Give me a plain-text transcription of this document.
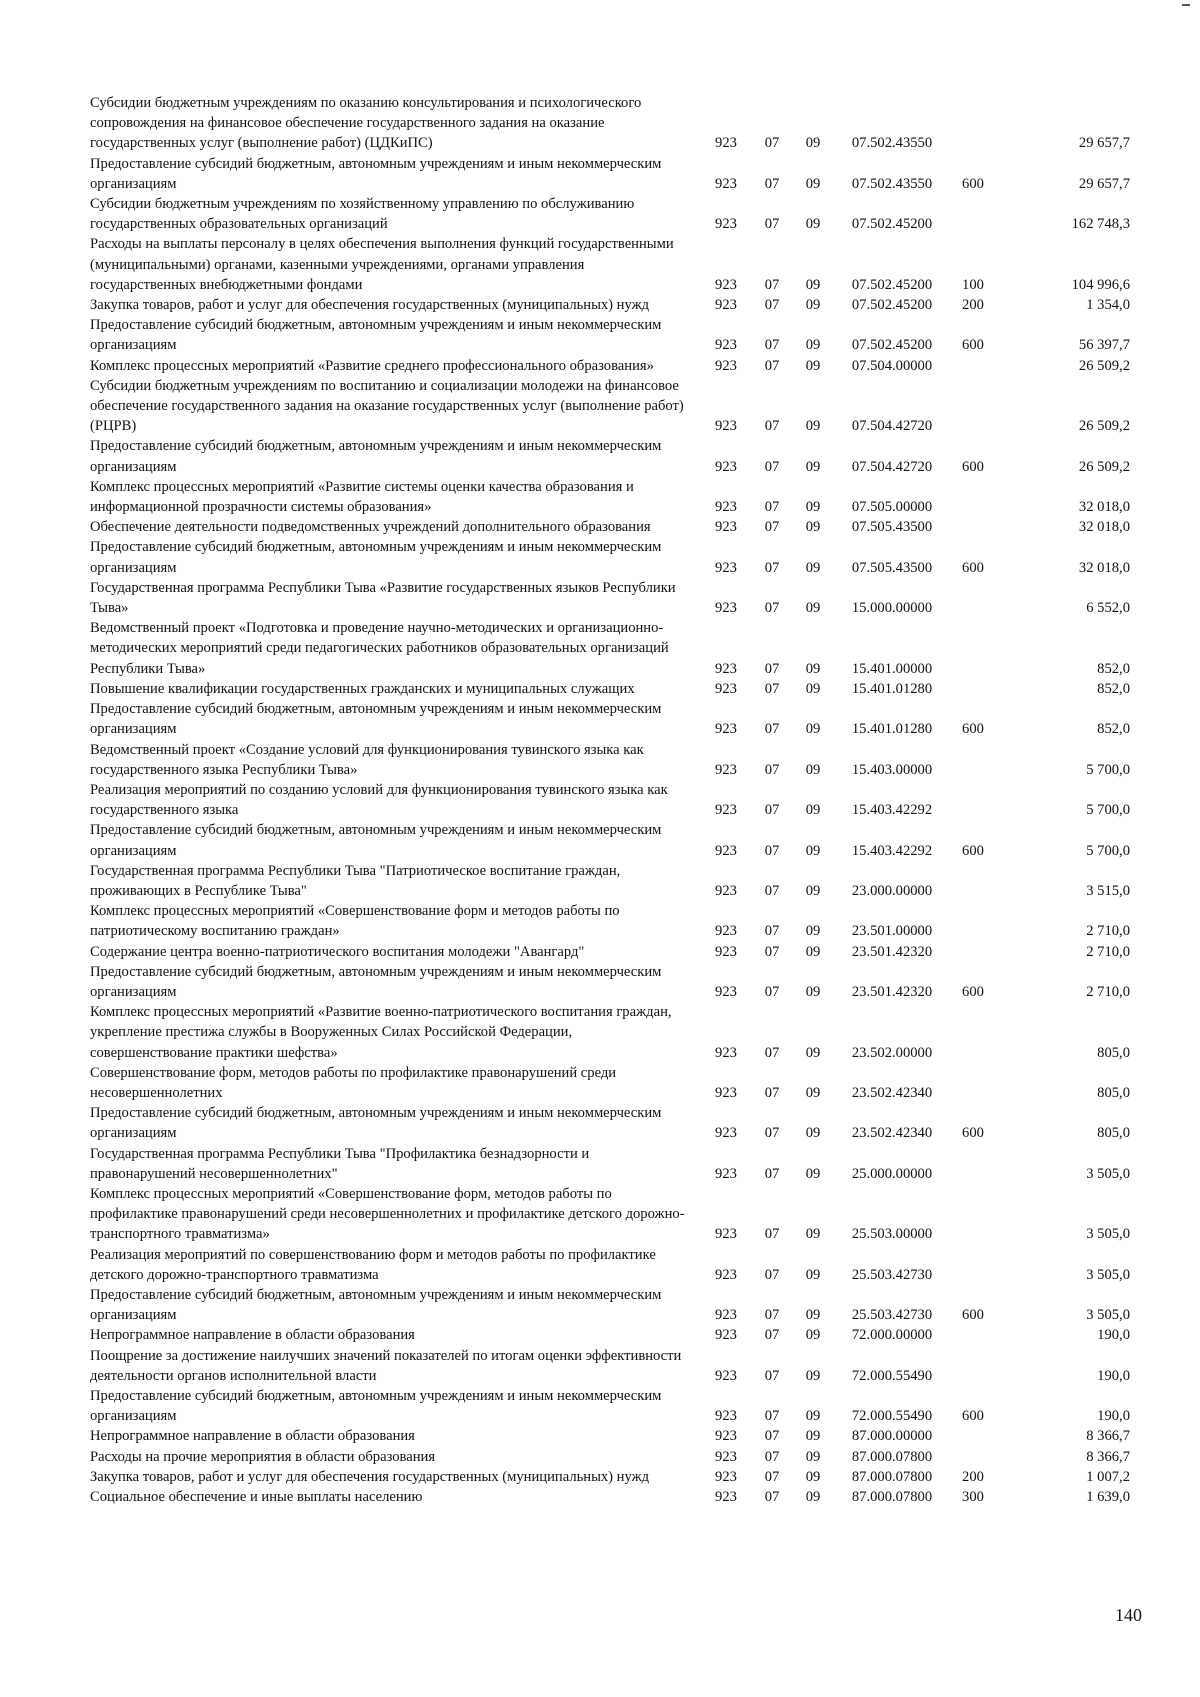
Субсидии бюджетным учреждениям по оказанию консультирования и психологического сопровождения на финансовое обеспечение государственного задания на оказание государственных услуг (выполнение работ) (ЦДКиПС)	923	07	09	07.502.43550		29 657,7
Предоставление субсидий бюджетным, автономным учреждениям и иным некоммерческим организациям	923	07	09	07.502.43550	600	29 657,7
Субсидии бюджетным учреждениям по хозяйственному управлению по обслуживанию государственных образовательных организаций	923	07	09	07.502.45200		162 748,3
Расходы на выплаты персоналу в целях обеспечения выполнения функций государственными (муниципальными) органами, казенными учреждениями, органами управления государственных внебюджетными фондами	923	07	09	07.502.45200	100	104 996,6
Закупка товаров, работ и услуг для обеспечения государственных (муниципальных) нужд	923	07	09	07.502.45200	200	1 354,0
Предоставление субсидий бюджетным, автономным учреждениям и иным некоммерческим организациям	923	07	09	07.502.45200	600	56 397,7
Комплекс процессных мероприятий «Развитие среднего профессионального образования»	923	07	09	07.504.00000		26 509,2
Субсидии бюджетным учреждениям по воспитанию и социализации молодежи на финансовое обеспечение государственного задания на оказание государственных услуг (выполнение работ) (РЦРВ)	923	07	09	07.504.42720		26 509,2
Предоставление субсидий бюджетным, автономным учреждениям и иным некоммерческим организациям	923	07	09	07.504.42720	600	26 509,2
Комплекс процессных мероприятий «Развитие системы оценки качества образования и информационной прозрачности системы образования»	923	07	09	07.505.00000		32 018,0
Обеспечение деятельности подведомственных учреждений дополнительного образования	923	07	09	07.505.43500		32 018,0
Предоставление субсидий бюджетным, автономным учреждениям и иным некоммерческим организациям	923	07	09	07.505.43500	600	32 018,0
Государственная программа Республики Тыва «Развитие государственных языков Республики Тыва»	923	07	09	15.000.00000		6 552,0
Ведомственный проект «Подготовка и проведение научно-методических и организационно-методических мероприятий среди педагогических работников образовательных организаций Республики Тыва»	923	07	09	15.401.00000		852,0
Повышение квалификации государственных гражданских и муниципальных служащих	923	07	09	15.401.01280		852,0
Предоставление субсидий бюджетным, автономным учреждениям и иным некоммерческим организациям	923	07	09	15.401.01280	600	852,0
Ведомственный проект «Создание условий для функционирования тувинского языка как государственного языка Республики Тыва»	923	07	09	15.403.00000		5 700,0
Реализация мероприятий по созданию условий для функционирования тувинского языка как государственного языка	923	07	09	15.403.42292		5 700,0
Предоставление субсидий бюджетным, автономным учреждениям и иным некоммерческим организациям	923	07	09	15.403.42292	600	5 700,0
Государственная программа Республики Тыва "Патриотическое воспитание граждан, проживающих в Республике Тыва"	923	07	09	23.000.00000		3 515,0
Комплекс процессных мероприятий «Совершенствование форм и методов работы по патриотическому воспитанию граждан»	923	07	09	23.501.00000		2 710,0
Содержание центра военно-патриотического воспитания молодежи "Авангард"	923	07	09	23.501.42320		2 710,0
Предоставление субсидий бюджетным, автономным учреждениям и иным некоммерческим организациям	923	07	09	23.501.42320	600	2 710,0
Комплекс процессных мероприятий «Развитие военно-патриотического воспитания граждан, укрепление престижа службы в Вооруженных Силах Российской Федерации, совершенствование практики шефства»	923	07	09	23.502.00000		805,0
Совершенствование форм, методов работы по профилактике правонарушений среди несовершеннолетних	923	07	09	23.502.42340		805,0
Предоставление субсидий бюджетным, автономным учреждениям и иным некоммерческим организациям	923	07	09	23.502.42340	600	805,0
Государственная программа Республики Тыва "Профилактика безнадзорности и правонарушений несовершеннолетних"	923	07	09	25.000.00000		3 505,0
Комплекс процессных мероприятий «Совершенствование форм, методов работы по профилактике правонарушений среди несовершеннолетних и профилактике детского дорожно-транспортного травматизма»	923	07	09	25.503.00000		3 505,0
Реализация мероприятий по совершенствованию форм и методов работы по профилактике детского дорожно-транспортного травматизма	923	07	09	25.503.42730		3 505,0
Предоставление субсидий бюджетным, автономным учреждениям и иным некоммерческим организациям	923	07	09	25.503.42730	600	3 505,0
Непрограммное направление в области образования	923	07	09	72.000.00000		190,0
Поощрение за достижение наилучших значений показателей по итогам оценки эффективности деятельности органов исполнительной власти	923	07	09	72.000.55490		190,0
Предоставление субсидий бюджетным, автономным учреждениям и иным некоммерческим организациям	923	07	09	72.000.55490	600	190,0
Непрограммное направление в области образования	923	07	09	87.000.00000		8 366,7
Расходы на прочие мероприятия в области образования	923	07	09	87.000.07800		8 366,7
Закупка товаров, работ и услуг для обеспечения государственных (муниципальных) нужд	923	07	09	87.000.07800	200	1 007,2
Социальное обеспечение и иные выплаты населению	923	07	09	87.000.07800	300	1 639,0
140
